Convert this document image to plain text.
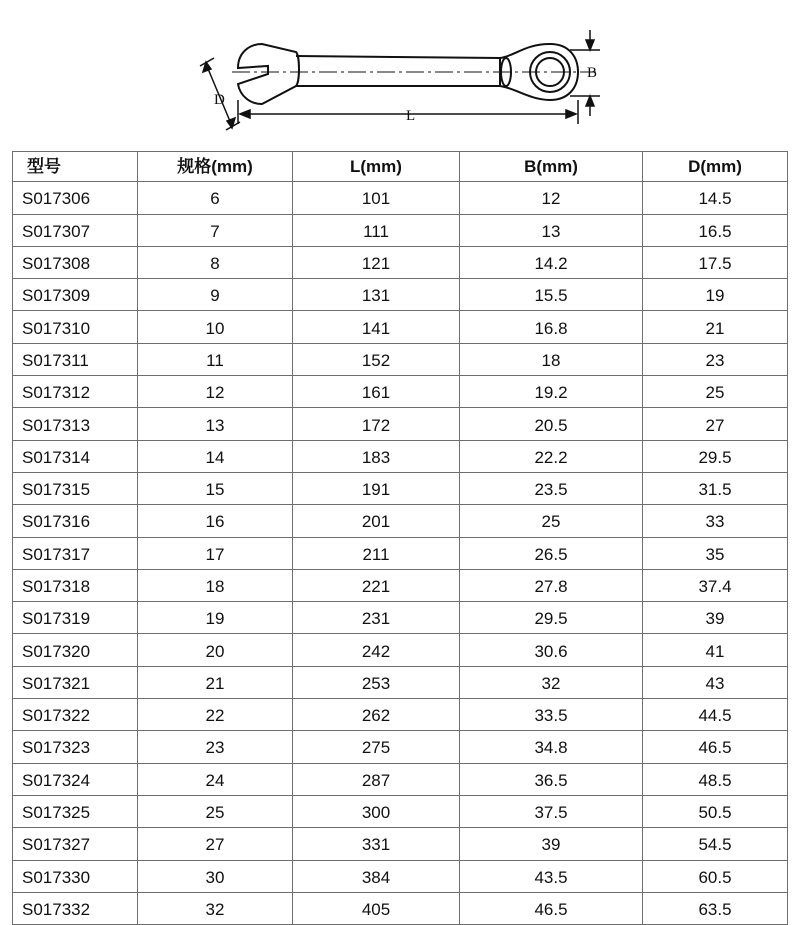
D
L
B
型号	规格(mm)	L(mm)	B(mm)	D(mm)
S017306	6	101	12	14.5
S017307	7	111	13	16.5
S017308	8	121	14.2	17.5
S017309	9	131	15.5	19
S017310	10	141	16.8	21
S017311	11	152	18	23
S017312	12	161	19.2	25
S017313	13	172	20.5	27
S017314	14	183	22.2	29.5
S017315	15	191	23.5	31.5
S017316	16	201	25	33
S017317	17	211	26.5	35
S017318	18	221	27.8	37.4
S017319	19	231	29.5	39
S017320	20	242	30.6	41
S017321	21	253	32	43
S017322	22	262	33.5	44.5
S017323	23	275	34.8	46.5
S017324	24	287	36.5	48.5
S017325	25	300	37.5	50.5
S017327	27	331	39	54.5
S017330	30	384	43.5	60.5
S017332	32	405	46.5	63.5
